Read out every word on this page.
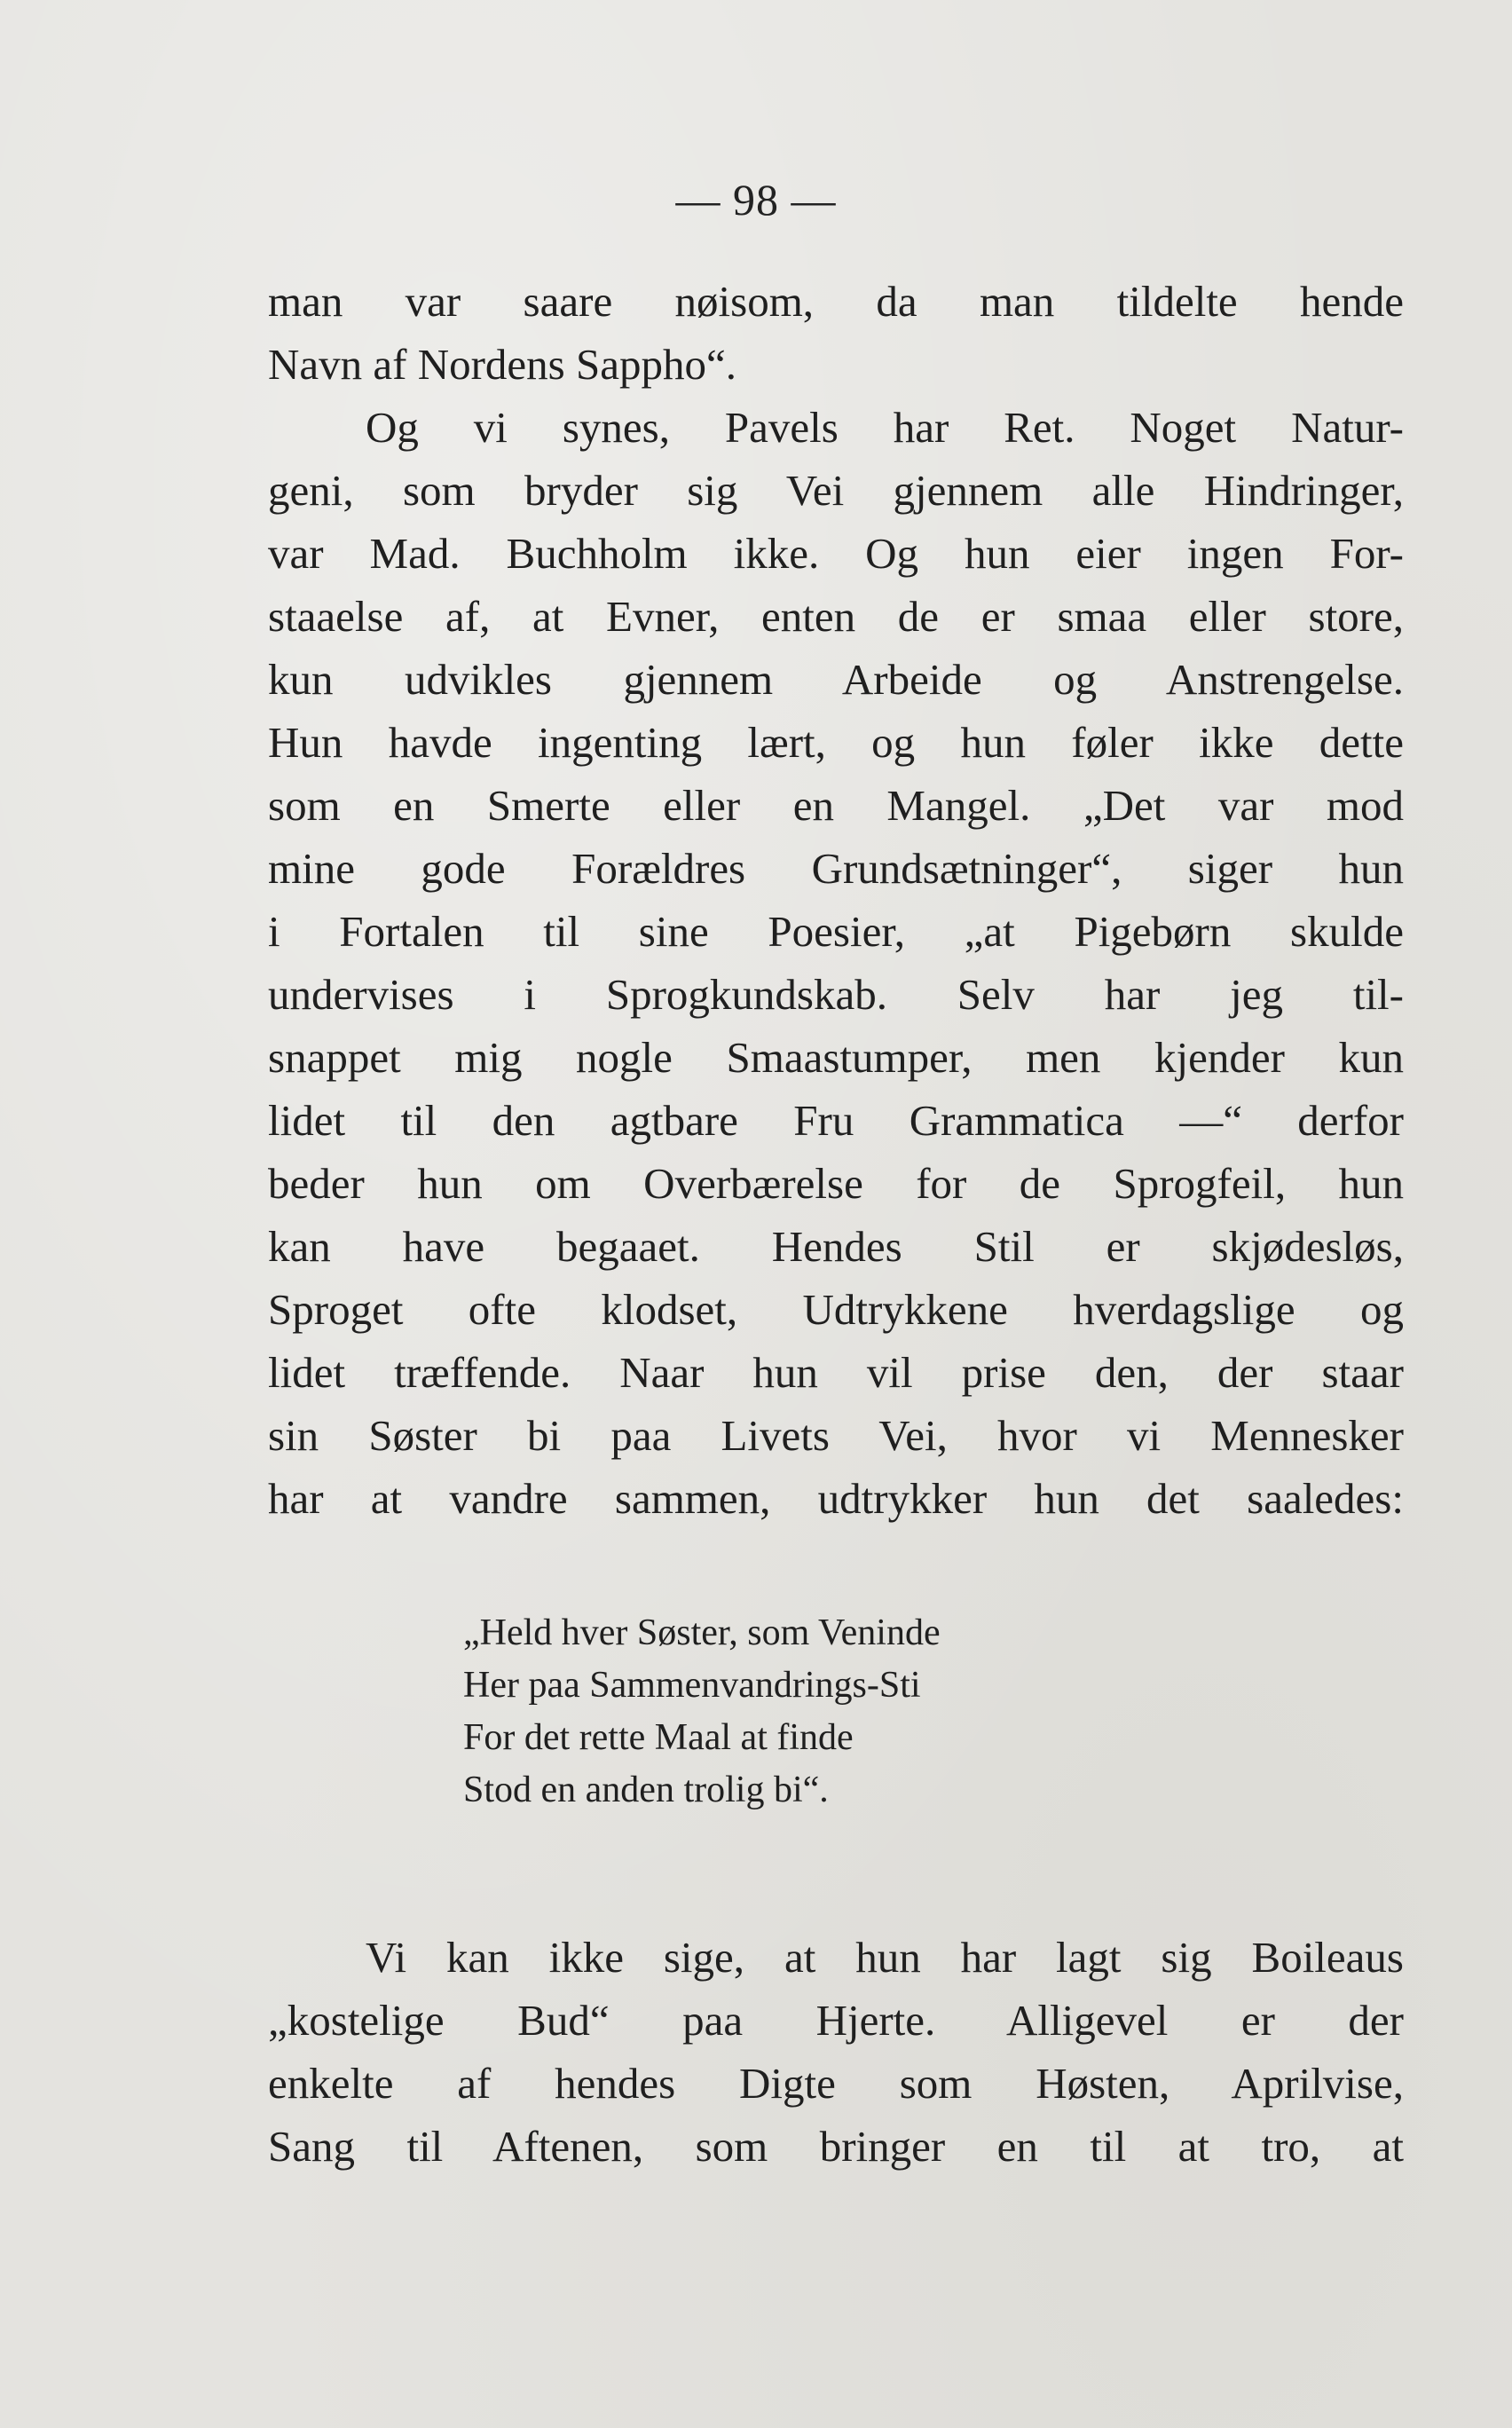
— 98 —
man var saare nøisom, da man tildelte hende
Navn af Nordens Sappho“.
Og vi synes, Pavels har Ret. Noget Natur-
geni, som bryder sig Vei gjennem alle Hindringer,
var Mad. Buchholm ikke. Og hun eier ingen For-
staaelse af, at Evner, enten de er smaa eller store,
kun udvikles gjennem Arbeide og Anstrengelse.
Hun havde ingenting lært, og hun føler ikke dette
som en Smerte eller en Mangel. „Det var mod
mine gode Forældres Grundsætninger“, siger hun
i Fortalen til sine Poesier, „at Pigebørn skulde
undervises i Sprogkundskab. Selv har jeg til-
snappet mig nogle Smaastumper, men kjender kun
lidet til den agtbare Fru Grammatica —“ derfor
beder hun om Overbærelse for de Sprogfeil, hun
kan have begaaet. Hendes Stil er skjødesløs,
Sproget ofte klodset, Udtrykkene hverdagslige og
lidet træffende. Naar hun vil prise den, der staar
sin Søster bi paa Livets Vei, hvor vi Mennesker
har at vandre sammen, udtrykker hun det saaledes:
„Held hver Søster, som Veninde
Her paa Sammenvandrings-Sti
For det rette Maal at finde
Stod en anden trolig bi“.
Vi kan ikke sige, at hun har lagt sig Boileaus
„kostelige Bud“ paa Hjerte. Alligevel er der
enkelte af hendes Digte som Høsten, Aprilvise,
Sang til Aftenen, som bringer en til at tro, at
